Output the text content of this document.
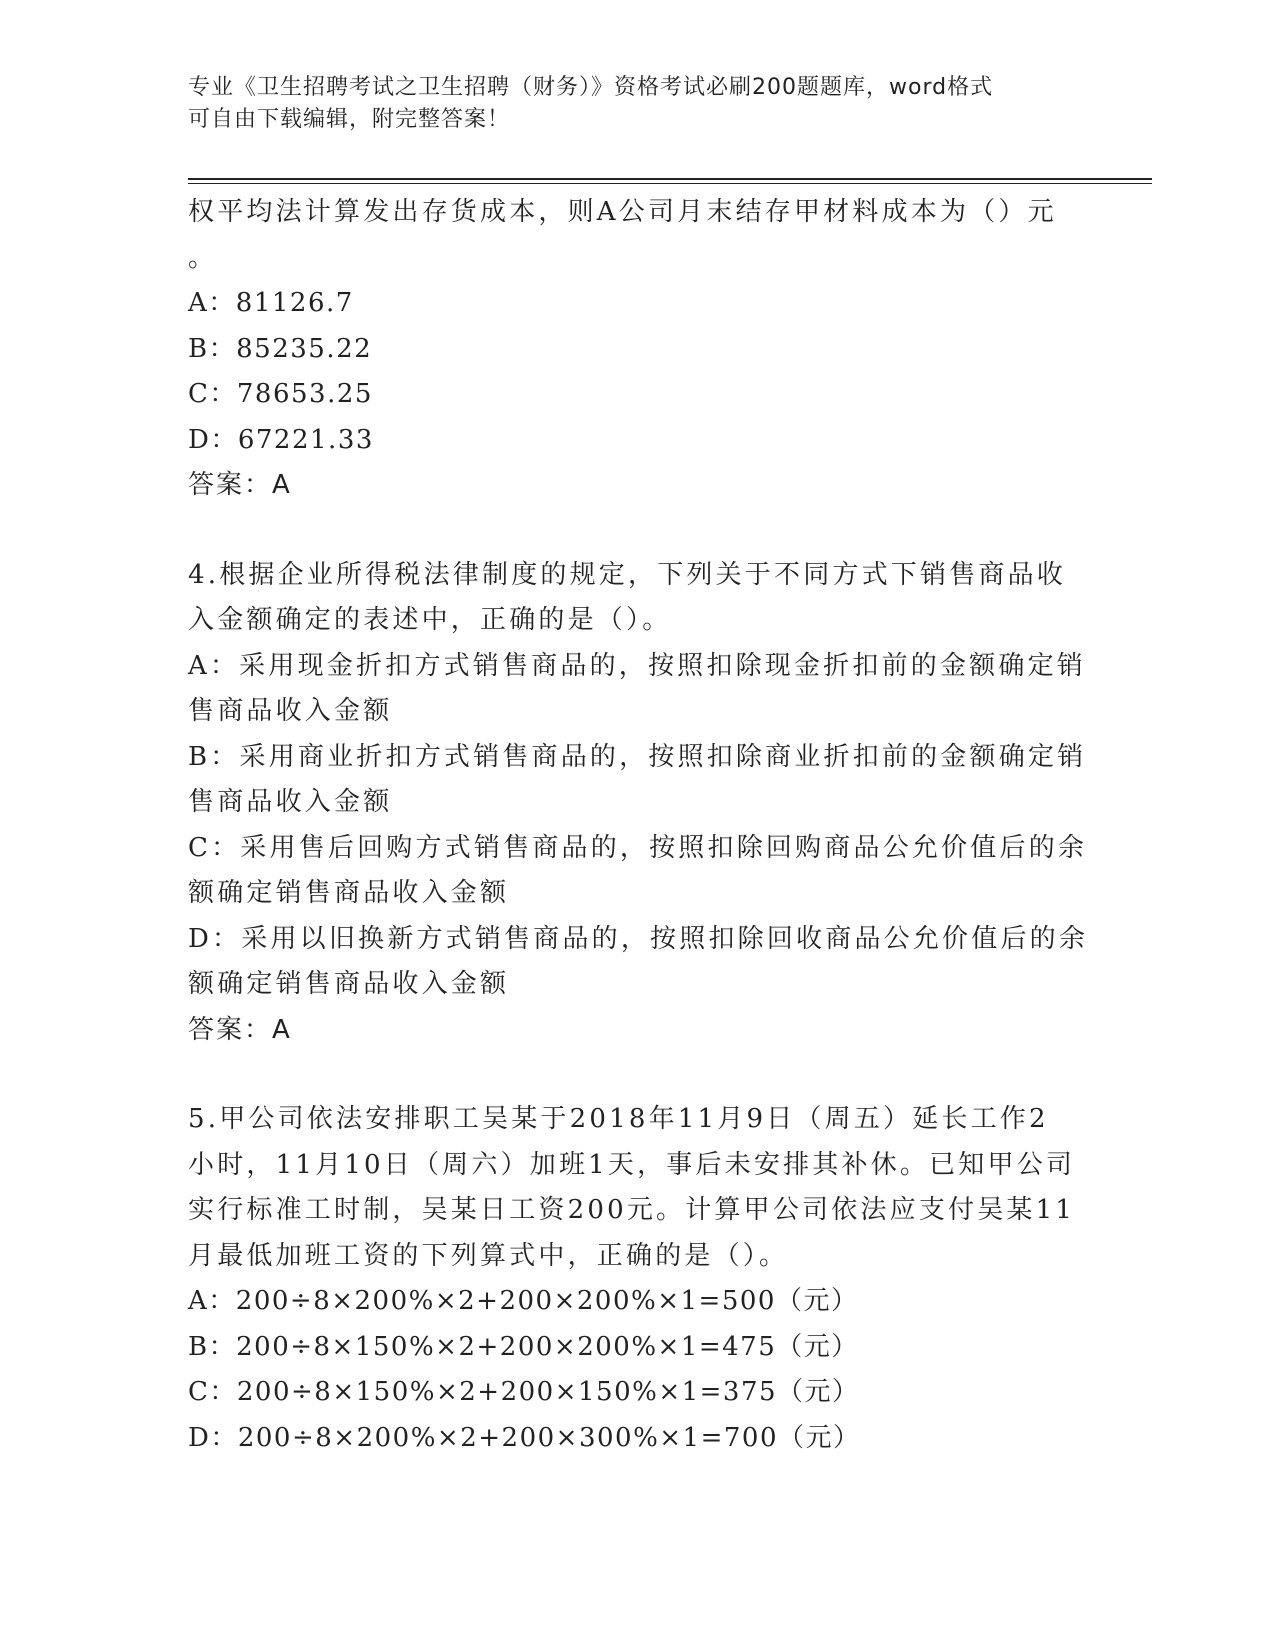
专业《卫生招聘考试之卫生招聘（财务）》资格考试必刷200题题库，word格式
可自由下载编辑，附完整答案！
权平均法计算发出存货成本，则A公司月末结存甲材料成本为（）元
。
A：81126.7
B：85235.22
C：78653.25
D：67221.33
答案：A
4.根据企业所得税法律制度的规定，下列关于不同方式下销售商品收
入金额确定的表述中，正确的是（）。
A：采用现金折扣方式销售商品的，按照扣除现金折扣前的金额确定销
售商品收入金额
B：采用商业折扣方式销售商品的，按照扣除商业折扣前的金额确定销
售商品收入金额
C：采用售后回购方式销售商品的，按照扣除回购商品公允价值后的余
额确定销售商品收入金额
D：采用以旧换新方式销售商品的，按照扣除回收商品公允价值后的余
额确定销售商品收入金额
答案：A
5.甲公司依法安排职工吴某于2018年11月9日（周五）延长工作2
小时，11月10日（周六）加班1天，事后未安排其补休。已知甲公司
实行标准工时制，吴某日工资200元。计算甲公司依法应支付吴某11
月最低加班工资的下列算式中，正确的是（）。
A：200÷8×200%×2+200×200%×1=500（元）
B：200÷8×150%×2+200×200%×1=475（元）
C：200÷8×150%×2+200×150%×1=375（元）
D：200÷8×200%×2+200×300%×1=700（元）
